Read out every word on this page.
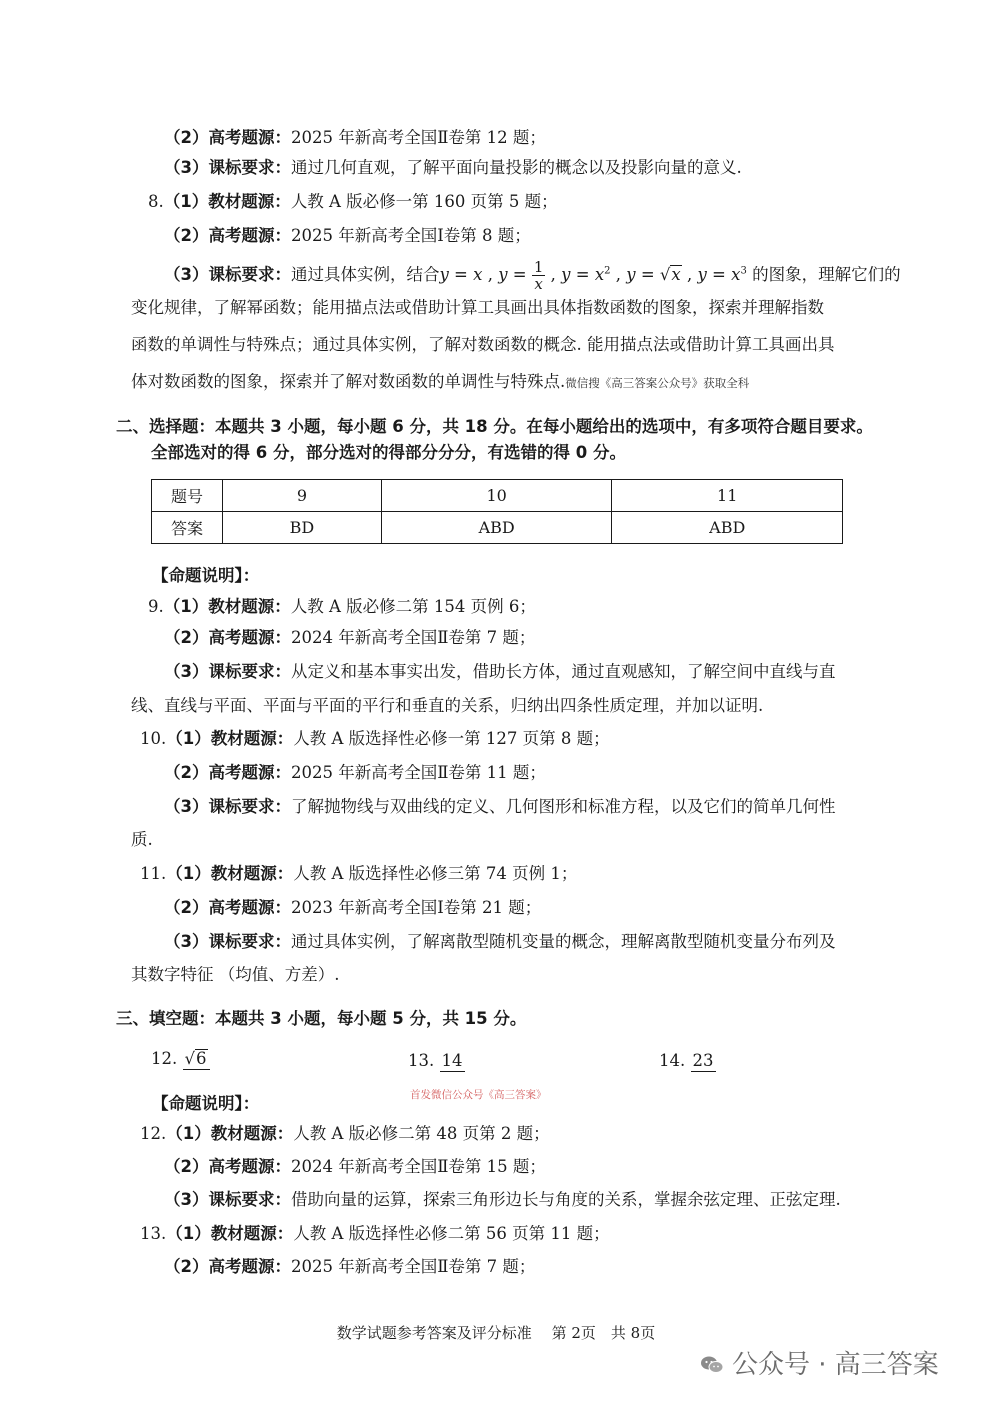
（2）高考题源：2025 年新高考全国Ⅱ卷第 12 题；
（3）课标要求：通过几何直观，了解平面向量投影的概念以及投影向量的意义.
8.（1）教材题源：人教 A 版必修一第 160 页第 5 题；
（2）高考题源：2025 年新高考全国Ⅰ卷第 8 题；
（3）课标要求：通过具体实例，结合y = x , $y = \frac{1}{x}$ , $y = x^2$ , y = √x , $y = x^3$ 的图象，理解它们的
变化规律，了解幂函数；能用描点法或借助计算工具画出具体指数函数的图象，探索并理解指数
函数的单调性与特殊点；通过具体实例，了解对数函数的概念. 能用描点法或借助计算工具画出具
体对数函数的图象，探索并了解对数函数的单调性与特殊点.微信搜《高三答案公众号》获取全科
二、选择题：本题共 3 小题，每小题 6 分，共 18 分。在每小题给出的选项中，有多项符合题目要求。
全部选对的得 6 分，部分选对的得部分分分，有选错的得 0 分。
题号	9	10	11
答案	BD	ABD	ABD
【命题说明】：
9.（1）教材题源：人教 A 版必修二第 154 页例 6；
（2）高考题源：2024 年新高考全国Ⅱ卷第 7 题；
（3）课标要求：从定义和基本事实出发，借助长方体，通过直观感知，了解空间中直线与直
线、直线与平面、平面与平面的平行和垂直的关系，归纳出四条性质定理，并加以证明.
10.（1）教材题源：人教 A 版选择性必修一第 127 页第 8 题；
（2）高考题源：2025 年新高考全国Ⅱ卷第 11 题；
（3）课标要求：了解抛物线与双曲线的定义、几何图形和标准方程，以及它们的简单几何性
质.
11.（1）教材题源：人教 A 版选择性必修三第 74 页例 1；
（2）高考题源：2023 年新高考全国Ⅰ卷第 21 题；
（3）课标要求：通过具体实例，了解离散型随机变量的概念，理解离散型随机变量分布列及
其数字特征 （均值、方差）.
三、填空题：本题共 3 小题，每小题 5 分，共 15 分。
12. √6	13. 14	14. 23
首发微信公众号《高三答案》
【命题说明】：
12.（1）教材题源：人教 A 版必修二第 48 页第 2 题；
（2）高考题源：2024 年新高考全国Ⅱ卷第 15 题；
（3）课标要求：借助向量的运算，探索三角形边长与角度的关系，掌握余弦定理、正弦定理.
13.（1）教材题源：人教 A 版选择性必修二第 56 页第 11 题；
（2）高考题源：2025 年新高考全国Ⅱ卷第 7 题；
数学试题参考答案及评分标准　 第 2页　共 8页
公众号 · 高三答案
